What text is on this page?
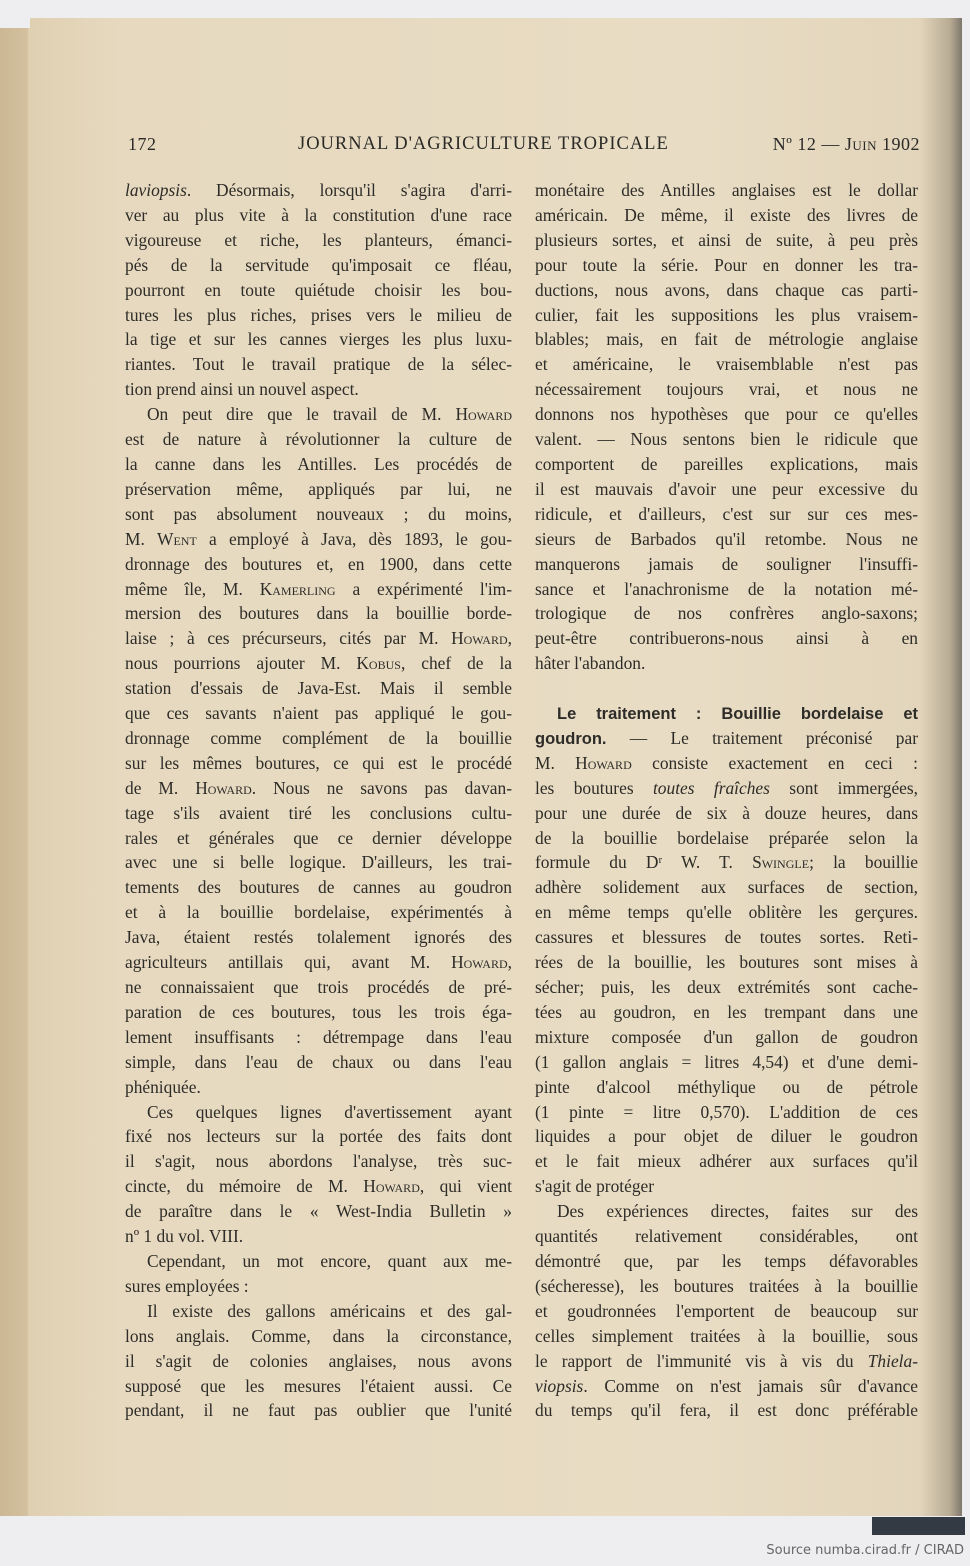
172	JOURNAL D'AGRICULTURE TROPICALE	Nº 12 — Juin 1902
laviopsis. Désormais, lorsqu'il s'agira d'arri-
ver au plus vite à la constitution d'une race
vigoureuse et riche, les planteurs, émanci-
pés de la servitude qu'imposait ce fléau,
pourront en toute quiétude choisir les bou-
tures les plus riches, prises vers le milieu de
la tige et sur les cannes vierges les plus luxu-
riantes. Tout le travail pratique de la sélec-
tion prend ainsi un nouvel aspect.
On peut dire que le travail de M. Howard
est de nature à révolutionner la culture de
la canne dans les Antilles. Les procédés de
préservation même, appliqués par lui, ne
sont pas absolument nouveaux ; du moins,
M. Went a employé à Java, dès 1893, le gou-
dronnage des boutures et, en 1900, dans cette
même île, M. Kamerling a expérimenté l'im-
mersion des boutures dans la bouillie borde-
laise ; à ces précurseurs, cités par M. Howard,
nous pourrions ajouter M. Kobus, chef de la
station d'essais de Java-Est. Mais il semble
que ces savants n'aient pas appliqué le gou-
dronnage comme complément de la bouillie
sur les mêmes boutures, ce qui est le procédé
de M. Howard. Nous ne savons pas davan-
tage s'ils avaient tiré les conclusions cultu-
rales et générales que ce dernier développe
avec une si belle logique. D'ailleurs, les trai-
tements des boutures de cannes au goudron
et à la bouillie bordelaise, expérimentés à
Java, étaient restés tolalement ignorés des
agriculteurs antillais qui, avant M. Howard,
ne connaissaient que trois procédés de pré-
paration de ces boutures, tous les trois éga-
lement insuffisants : détrempage dans l'eau
simple, dans l'eau de chaux ou dans l'eau
phéniquée.
Ces quelques lignes d'avertissement ayant
fixé nos lecteurs sur la portée des faits dont
il s'agit, nous abordons l'analyse, très suc-
cincte, du mémoire de M. Howard, qui vient
de paraître dans le « West-India Bulletin »
nº 1 du vol. VIII.
Cependant, un mot encore, quant aux me-
sures employées :
Il existe des gallons américains et des gal-
lons anglais. Comme, dans la circonstance,
il s'agit de colonies anglaises, nous avons
supposé que les mesures l'étaient aussi. Ce
pendant, il ne faut pas oublier que l'unité
monétaire des Antilles anglaises est le dollar
américain. De même, il existe des livres de
plusieurs sortes, et ainsi de suite, à peu près
pour toute la série. Pour en donner les tra-
ductions, nous avons, dans chaque cas parti-
culier, fait les suppositions les plus vraisem-
blables; mais, en fait de métrologie anglaise
et américaine, le vraisemblable n'est pas
nécessairement toujours vrai, et nous ne
donnons nos hypothèses que pour ce qu'elles
valent. — Nous sentons bien le ridicule que
comportent de pareilles explications, mais
il est mauvais d'avoir une peur excessive du
ridicule, et d'ailleurs, c'est sur sur ces mes-
sieurs de Barbados qu'il retombe. Nous ne
manquerons jamais de souligner l'insuffi-
sance et l'anachronisme de la notation mé-
trologique de nos confrères anglo-saxons;
peut-être contribuerons-nous ainsi à en
hâter l'abandon.
Le traitement : Bouillie bordelaise et
goudron. — Le traitement préconisé par
M. Howard consiste exactement en ceci :
les boutures toutes fraîches sont immergées,
pour une durée de six à douze heures, dans
de la bouillie bordelaise préparée selon la
formule du Dʳ W. T. Swingle; la bouillie
adhère solidement aux surfaces de section,
en même temps qu'elle oblitère les gerçures.
cassures et blessures de toutes sortes. Reti-
rées de la bouillie, les boutures sont mises à
sécher; puis, les deux extrémités sont cache-
tées au goudron, en les trempant dans une
mixture composée d'un gallon de goudron
(1 gallon anglais = litres 4,54) et d'une demi-
pinte d'alcool méthylique ou de pétrole
(1 pinte = litre 0,570). L'addition de ces
liquides a pour objet de diluer le goudron
et le fait mieux adhérer aux surfaces qu'il
s'agit de protéger
Des expériences directes, faites sur des
quantités relativement considérables, ont
démontré que, par les temps défavorables
(sécheresse), les boutures traitées à la bouillie
et goudronnées l'emportent de beaucoup sur
celles simplement traitées à la bouillie, sous
le rapport de l'immunité vis à vis du Thiela-
viopsis. Comme on n'est jamais sûr d'avance
du temps qu'il fera, il est donc préférable
Source numba.cirad.fr / CIRAD
